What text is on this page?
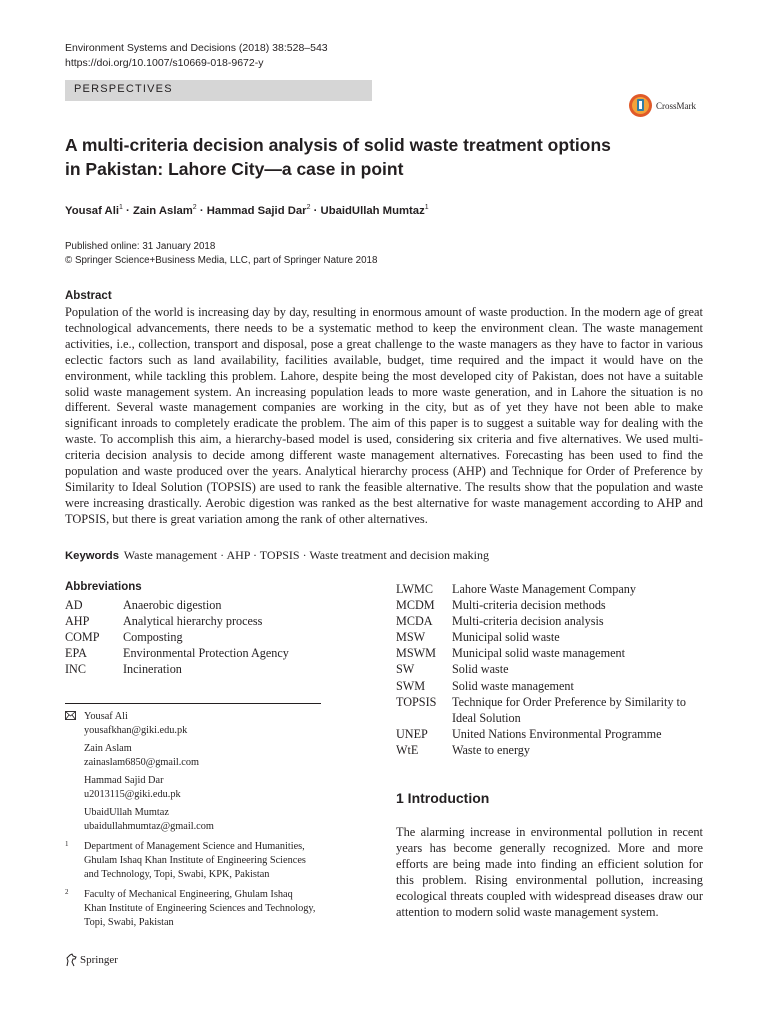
Environment Systems and Decisions (2018) 38:528–543
https://doi.org/10.1007/s10669-018-9672-y
PERSPECTIVES
CrossMark
A multi-criteria decision analysis of solid waste treatment options
in Pakistan: Lahore City—a case in point
Yousaf Ali$^1$ · Zain Aslam$^2$ · Hammad Sajid Dar$^2$ · UbaidUllah Mumtaz$^1$
Published online: 31 January 2018
© Springer Science+Business Media, LLC, part of Springer Nature 2018
Abstract
Population of the world is increasing day by day, resulting in enormous amount of waste production. In the modern age of great technological advancements, there needs to be a systematic method to keep the environment clean. The waste management activities, i.e., collection, transport and disposal, pose a great challenge to the waste managers as they have to factor in various eclectic factors such as land availability, facilities available, budget, time required and the impact it would have on the environment, while tackling this problem. Lahore, despite being the most developed city of Pakistan, does not have a suitable solid waste management system. An increasing population leads to more waste generation, and in Lahore the situation is no different. Several waste management companies are working in the city, but as of yet they have not been able to make significant inroads to completely eradicate the problem. The aim of this paper is to suggest a suitable way for dealing with the waste. To accomplish this aim, a hierarchy-based model is used, considering six criteria and five alternatives. We used multi-criteria decision analysis to decide among different waste management alternatives. Forecasting has been used to find the population and waste produced over the years. Analytical hierarchy process (AHP) and Technique for Order of Preference by Similarity to Ideal Solution (TOPSIS) are used to rank the feasible alternative. The results show that the population and waste were increasing drastically. Aerobic digestion was ranked as the best alternative for waste management according to AHP and TOPSIS, but there is great variation among the rank of other alternatives.
Keywords Waste management · AHP · TOPSIS · Waste treatment and decision making
Abbreviations
AD	Anaerobic digestion
AHP	Analytical hierarchy process
COMP Composting
EPA	Environmental Protection Agency
INC	Incineration
LWMC Lahore Waste Management Company
MCDM Multi-criteria decision methods
MCDA Multi-criteria decision analysis
MSW Municipal solid waste
MSWM Municipal solid waste management
SW	Solid waste
SWM Solid waste management
TOPSIS Technique for Order Preference by Similarity to
Ideal Solution
UNEP United Nations Environmental Programme
WtE	Waste to energy
Yousaf Ali
yousafkhan@giki.edu.pk
Zain Aslam
zainaslam6850@gmail.com
Hammad Sajid Dar
u2013115@giki.edu.pk
UbaidUllah Mumtaz
ubaidullahmumtaz@gmail.com
1 Department of Management Science and Humanities,
Ghulam Ishaq Khan Institute of Engineering Sciences
and Technology, Topi, Swabi, KPK, Pakistan
2 Faculty of Mechanical Engineering, Ghulam Ishaq
Khan Institute of Engineering Sciences and Technology,
Topi, Swabi, Pakistan
1 Introduction
The alarming increase in environmental pollution in recent years has become generally recognized. More and more efforts are being made into finding an efficient solution for this problem. Rising environmental pollution, increasing ecological threats coupled with widespread diseases draw our attention to modern solid waste management system.
Springer
